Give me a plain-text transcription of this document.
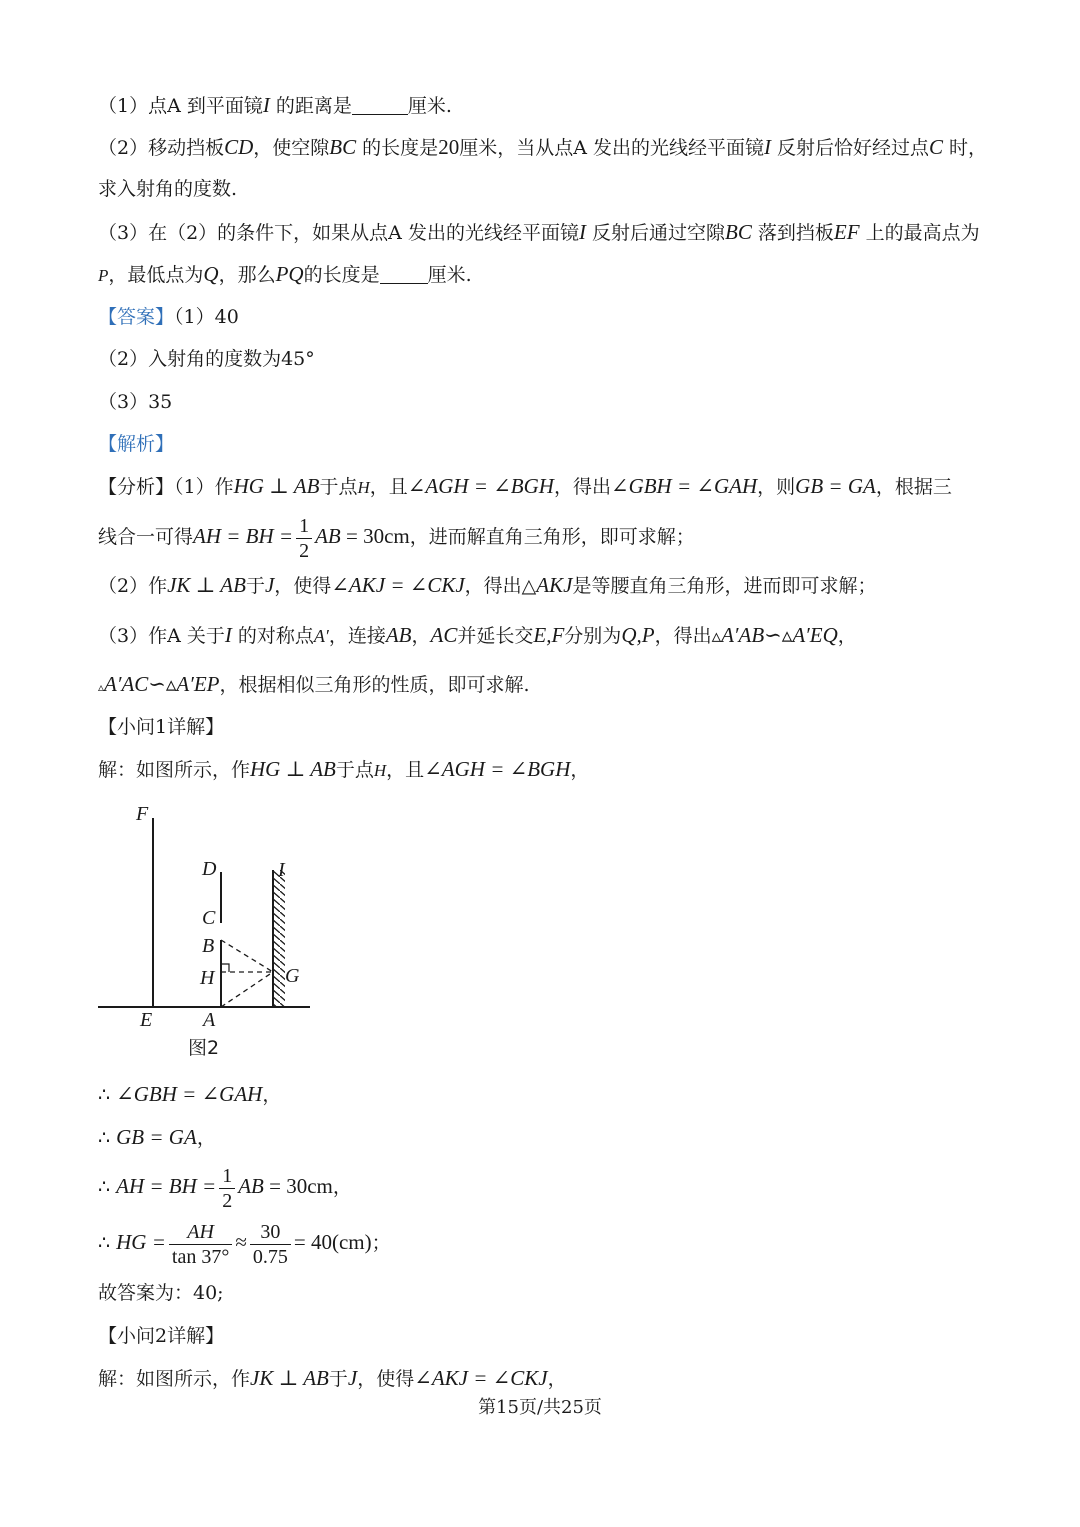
（1）点A 到平面镜I 的距离是	厘米.
（2）移动挡板CD，使空隙BC 的长度是20厘米，当从点A 发出的光线经平面镜I 反射后恰好经过点C 时，
求入射角的度数.
（3）在（2）的条件下，如果从点A 发出的光线经平面镜I 反射后通过空隙BC 落到挡板EF 上的最高点为
P，最低点为Q，那么PQ的长度是	厘米.
【答案】（1）40
（2）入射角的度数为45°
（3）35
【解析】
【分析】（1）作HG ⊥ AB于点H，且∠AGH = ∠BGH，得出∠GBH = ∠GAH，则GB = GA，根据三
线合一可得AH = BH = $\frac{1}{2}$ AB = 30cm，进而解直角三角形，即可求解；
（2）作JK ⊥ AB于J，使得∠AKJ = ∠CKJ，得出△AKJ是等腰直角三角形，进而即可求解；
（3）作A 关于I 的对称点A′，连接AB，AC并延长交E,F分别为Q,P，得出▵A′AB∽▵A′EQ，
▵A′AC∽▵A′EP，根据相似三角形的性质，即可求解.
【小问1详解】
解：如图所示，作HG ⊥ AB于点H，且∠AGH = ∠BGH，
F
D	I
C
B
H	G
E	A
图2
∴ ∠GBH = ∠GAH，
∴ GB = GA，
∴ AH = BH = $\frac{1}{2}$ AB = 30cm，
∴ HG = $\frac{AH}{\tan 37^\circ} \approx \frac{30}{0.75} = 40(cm)$；
故答案为：40;
【小问2详解】
解：如图所示，作JK ⊥ AB于J，使得∠AKJ = ∠CKJ，
第15页/共25页
